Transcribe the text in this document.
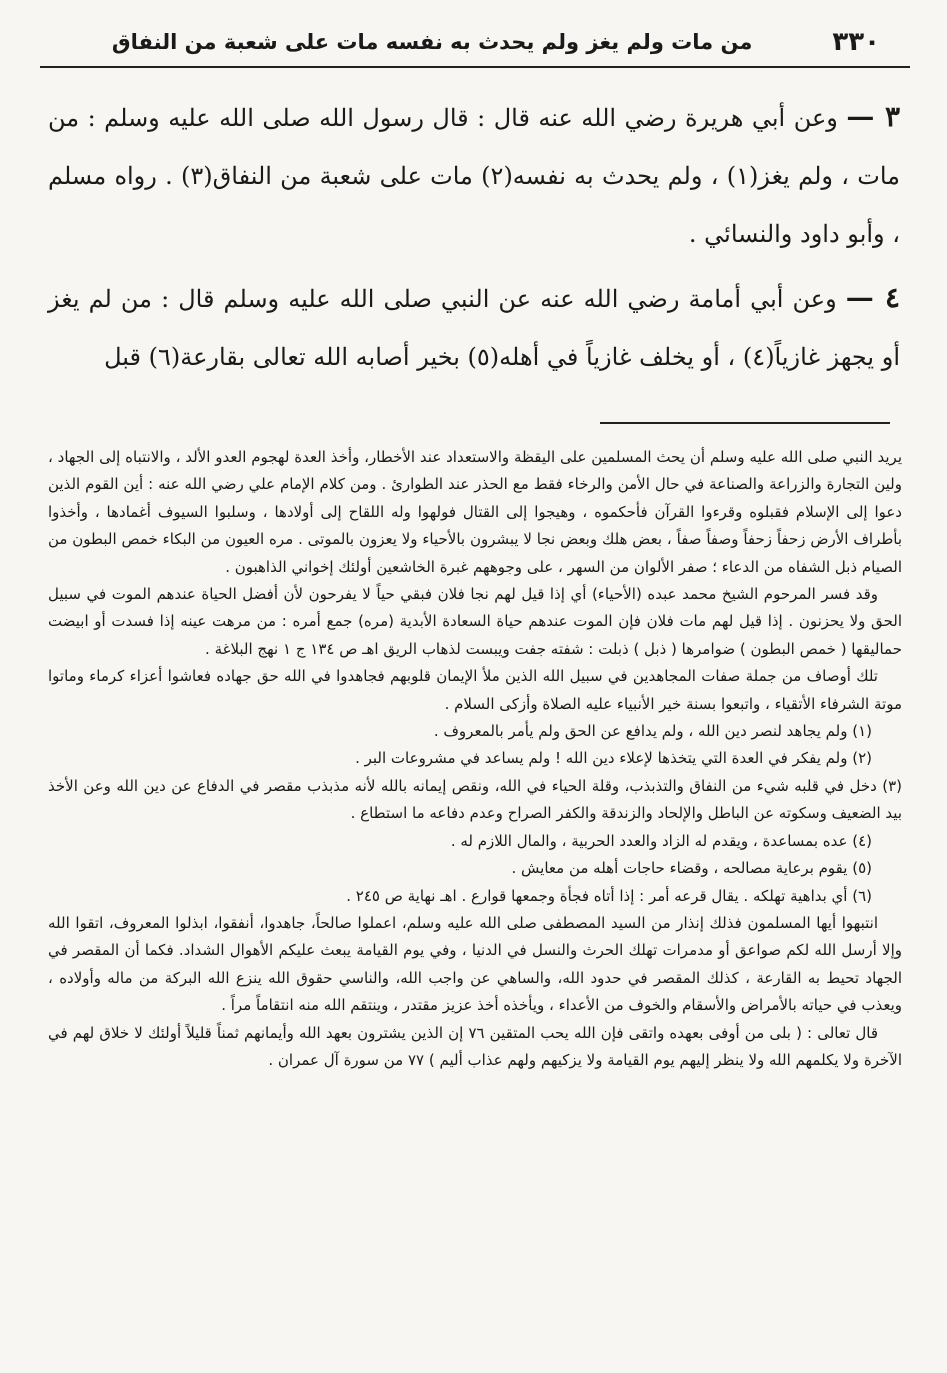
٣٣٠
من مات ولم يغز ولم يحدث به نفسه مات على شعبة من النفاق

٣ — وعن أبي هريرة رضي الله عنه قال : قال رسول الله صلى الله عليه وسلم : من مات ، ولم يغز(١) ، ولم يحدث به نفسه(٢) مات على شعبة من النفاق(٣) . رواه مسلم ، وأبو داود والنسائي .

٤ — وعن أبي أمامة رضي الله عنه عن النبي صلى الله عليه وسلم قال : من لم يغز أو يجهز غازياً(٤) ، أو يخلف غازياً في أهله(٥) بخير أصابه الله تعالى بقارعة(٦) قبل

يريد النبي صلى الله عليه وسلم أن يحث المسلمين على اليقظة والاستعداد عند الأخطار، وأخذ العدة لهجوم العدو الألد ، والانتباه إلى الجهاد ، ولين التجارة والزراعة والصناعة في حال الأمن والرخاء فقط مع الحذر عند الطوارئ . ومن كلام الإمام علي رضي الله عنه : أين القوم الذين دعوا إلى الإسلام فقبلوه وقرءوا القرآن فأحكموه ، وهيجوا إلى القتال فولهوا وله اللقاح إلى أولادها ، وسلبوا السيوف أغمادها ، وأخذوا بأطراف الأرض زحفاً زحفاً وصفاً صفاً ، بعض هلك وبعض نجا لا يبشرون بالأحياء ولا يعزون بالموتى . مره العيون من البكاء خمص البطون من الصيام ذبل الشفاه من الدعاء ؛ صفر الألوان من السهر ، على وجوههم غبرة الخاشعين أولئك إخواني الذاهبون .

وقد فسر المرحوم الشيخ محمد عبده (الأحياء) أي إذا قيل لهم نجا فلان فبقي حياً لا يفرحون لأن أفضل الحياة عندهم الموت في سبيل الحق ولا يحزنون . إذا قيل لهم مات فلان فإن الموت عندهم حياة السعادة الأبدية (مره) جمع أمره : من مرهت عينه إذا فسدت أو ابيضت حماليقها ( خمص البطون ) ضوامرها ( ذبل ) ذبلت : شفته جفت ويبست لذهاب الريق اهـ ص ١٣٤ ج ١ نهج البلاغة .

تلك أوصاف من جملة صفات المجاهدين في سبيل الله الذين ملأ الإيمان قلوبهم فجاهدوا في الله حق جهاده فعاشوا أعزاء كرماء وماتوا موتة الشرفاء الأتقياء ، واتبعوا بسنة خير الأنبياء عليه الصلاة وأزكى السلام .

(١) ولم يجاهد لنصر دين الله ، ولم يدافع عن الحق ولم يأمر بالمعروف .

(٢) ولم يفكر في العدة التي يتخذها لإعلاء دين الله ! ولم يساعد في مشروعات البر .

(٣) دخل في قلبه شيء من النفاق والتذبذب، وقلة الحياء في الله، ونقص إيمانه بالله لأنه مذبذب مقصر في الدفاع عن دين الله وعن الأخذ بيد الضعيف وسكوته عن الباطل والإلحاد والزندقة والكفر الصراح وعدم دفاعه ما استطاع .

(٤) عده بمساعدة ، ويقدم له الزاد والعدد الحربية ، والمال اللازم له .

(٥) يقوم برعاية مصالحه ، وقضاء حاجات أهله من معايش .

(٦) أي بداهية تهلكه . يقال قرعه أمر : إذا أتاه فجأة وجمعها قوارع . اهـ نهاية ص ٢٤٥ .

انتبهوا أيها المسلمون فذلك إنذار من السيد المصطفى صلى الله عليه وسلم، اعملوا صالحاً، جاهدوا، أنفقوا، ابذلوا المعروف، اتقوا الله وإلا أرسل الله لكم صواعق أو مدمرات تهلك الحرث والنسل في الدنيا ، وفي يوم القيامة يبعث عليكم الأهوال الشداد. فكما أن المقصر في الجهاد تحيط به القارعة ، كذلك المقصر في حدود الله، والساهي عن واجب الله، والناسي حقوق الله ينزع الله البركة من ماله وأولاده ، ويعذب في حياته بالأمراض والأسقام والخوف من الأعداء ، ويأخذه أخذ عزيز مقتدر ، وينتقم الله منه انتقاماً مراً .

قال تعالى : ( بلى من أوفى بعهده واتقى فإن الله يحب المتقين ٧٦ إن الذين يشترون بعهد الله وأيمانهم ثمناً قليلاً أولئك لا خلاق لهم في الآخرة ولا يكلمهم الله ولا ينظر إليهم يوم القيامة ولا يزكيهم ولهم عذاب أليم ) ٧٧ من سورة آل عمران .
